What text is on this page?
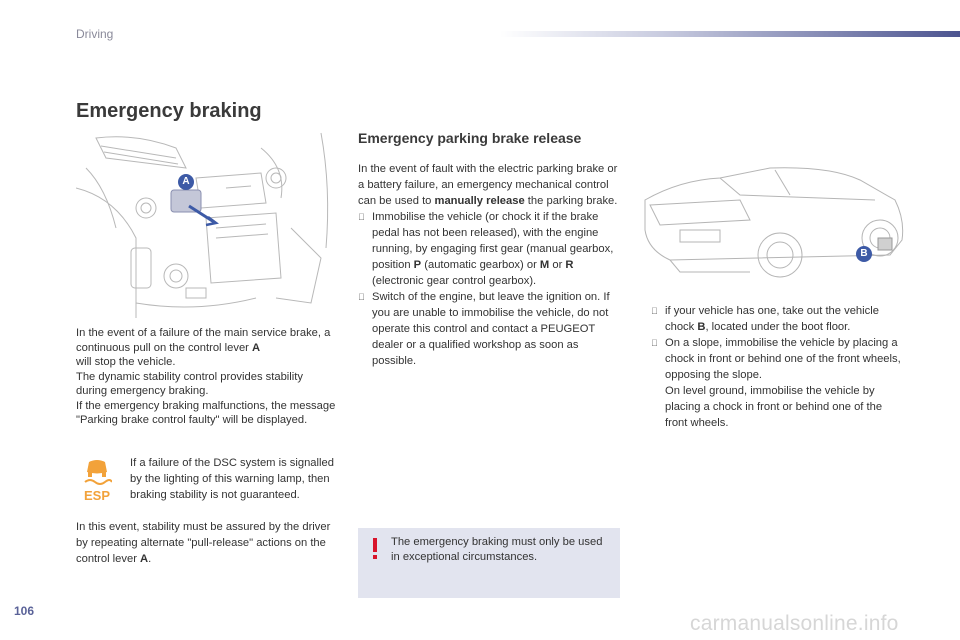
Driving
Emergency braking
A

In the event of a failure of the main service brake, a continuous pull on the control lever A
will stop the vehicle.

The dynamic stability control provides stability during emergency braking.

If the emergency braking malfunctions, the message "Parking brake control faulty" will be displayed.

ESP
If a failure of the DSC system is signalled by the lighting of this warning lamp, then braking stability is not guaranteed.
In this event, stability must be assured by the driver by repeating alternate "pull-release" actions on the control lever A.
Emergency parking brake release

In the event of fault with the electric parking brake or a battery failure, an emergency mechanical control can be used to manually release the parking brake.

Immobilise the vehicle (or chock it if the brake pedal has not been released), with the engine running, by engaging first gear (manual gearbox, position P (automatic gearbox) or M or R (electronic gear control gearbox).
Switch of the engine, but leave the ignition on. If you are unable to immobilise the vehicle, do not operate this control and contact a PEUGEOT dealer or a qualified workshop as soon as possible.
B
if your vehicle has one, take out the vehicle chock B, located under the boot floor.
On a slope, immobilise the vehicle by placing a chock in front or behind one of the front wheels, opposing the slope.
On level ground, immobilise the vehicle by placing a chock in front or behind one of the front wheels.
The emergency braking must only be used in exceptional circumstances.
106
carmanualsonline.info
